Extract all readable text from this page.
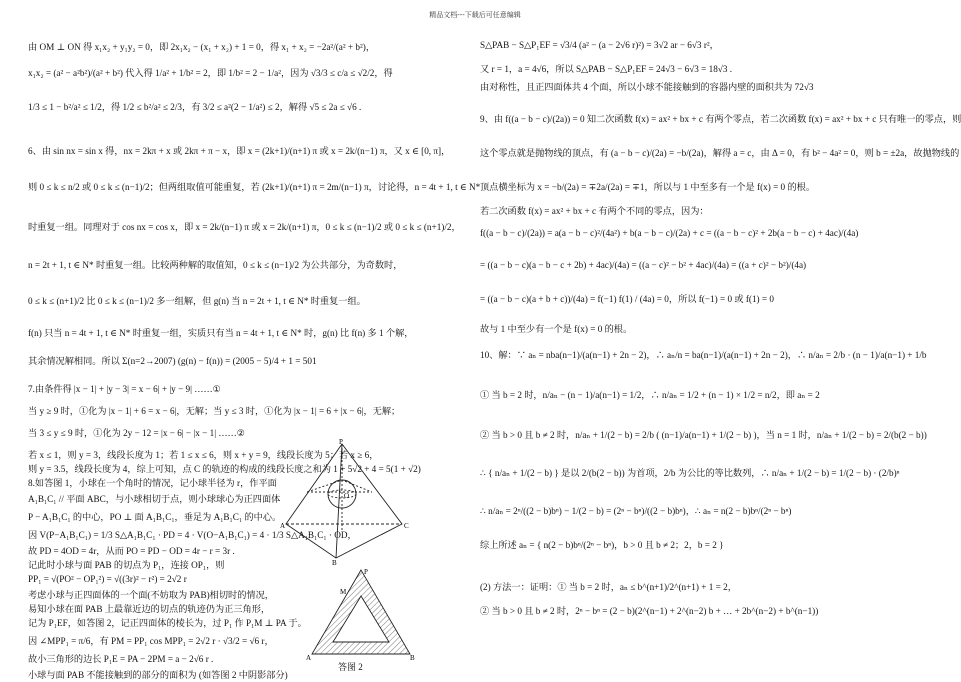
精品文档---下载后可任意编辑
由 OM ⊥ ON 得 x₁x₂ + y₁y₂ = 0，即 2x₁x₂ − (x₁ + x₂) + 1 = 0，得 x₁ + x₂ = −2a²/(a² + b²)，
x₁x₂ = (a² − a²b²)/(a² + b²) 代入得 1/a² + 1/b² = 2，即 1/b² = 2 − 1/a²，因为 √3/3 ≤ c/a ≤ √2/2，得
1/3 ≤ 1 − b²/a² ≤ 1/2，得 1/2 ≤ b²/a² ≤ 2/3，有 3/2 ≤ a²(2 − 1/a²) ≤ 2，解得 √5 ≤ 2a ≤ √6 .
6、由 sin nx = sin x 得，nx = 2kπ + x 或 2kπ + π − x，即 x = (2k+1)/(n+1) π 或 x = 2k/(n−1) π，又 x ∈ [0, π]，
则 0 ≤ k ≤ n/2 或 0 ≤ k ≤ (n−1)/2；但两组取值可能重复，若 (2k+1)/(n+1) π = 2m/(n−1) π，讨论得，n = 4t + 1, t ∈ N*
时重复一组。同理对于 cos nx = cos x，即 x = 2k/(n−1) π 或 x = 2k/(n+1) π，0 ≤ k ≤ (n−1)/2 或 0 ≤ k ≤ (n+1)/2，
n = 2t + 1, t ∈ N* 时重复一组。比较两种解的取值知，0 ≤ k ≤ (n−1)/2 为公共部分，为奇数时，
0 ≤ k ≤ (n+1)/2 比 0 ≤ k ≤ (n−1)/2 多一组解，但 g(n) 当 n = 2t + 1, t ∈ N* 时重复一组。
f(n) 只当 n = 4t + 1, t ∈ N* 时重复一组，实质只有当 n = 4t + 1, t ∈ N* 时，g(n) 比 f(n) 多 1 个解，
其余情况解相同。所以 Σ(n=2→2007) (g(n) − f(n)) = (2005 − 5)/4 + 1 = 501
7.由条件得 |x − 1| + |y − 3| = x − 6| + |y − 9| ……①
当 y ≥ 9 时，①化为 |x − 1| + 6 = x − 6|，无解；当 y ≤ 3 时，①化为 |x − 1| = 6 + |x − 6|，无解；
当 3 ≤ y ≤ 9 时，①化为 2y − 12 = |x − 6| − |x − 1| ……②
若 x ≤ 1，则 y = 3，线段长度为 1；若 1 ≤ x ≤ 6，则 x + y = 9，线段长度为 5；若 x ≥ 6，
则 y = 3.5，线段长度为 4，综上可知，点 C 的轨迹的构成的线段长度之和为 1 + 5√2 + 4 = 5(1 + √2)
8.如答图 1，小球在一个角时的情况，记小球半径为 r，作平面
A₁B₁C₁ // 平面 ABC，与小球相切于点，则小球球心为正四面体
P − A₁B₁C₁ 的中心，PO ⊥ 面 A₁B₁C₁，垂足为 A₁B₁C₁ 的中心。
因 V(P−A₁B₁C₁) = 1/3 S△A₁B₁C₁ · PD = 4 · V(O−A₁B₁C₁) = 4 · 1/3 S△A₁B₁C₁ · OD，
故 PD = 4OD = 4r，从而 PO = PD − OD = 4r − r = 3r .
记此时小球与面 PAB 的切点为 P₁，连接 OP₁，则
PP₁ = √(PO² − OP₁²) = √((3r)² − r²) = 2√2 r
考虑小球与正四面体的一个面(不妨取为 PAB)相切时的情况，
易知小球在面 PAB 上最靠近边的切点的轨迹仍为正三角形，
记为 P₁EF，如答图 2，记正四面体的棱长为，过 P₁ 作 P₁M ⊥ PA 于。
因 ∠MPP₁ = π/6，有 PM = PP₁ cos MPP₁ = 2√2 r · √3/2 = √6 r，
故小三角形的边长 P₁E = PA − 2PM = a − 2√6 r .
小球与面 PAB 不能接触到的部分的面积为 (如答图 2 中阴影部分)
S△PAB − S△P₁EF = √3/4 (a² − (a − 2√6 r)²) = 3√2 ar − 6√3 r²，
又 r = 1，a = 4√6，所以 S△PAB − S△P₁EF = 24√3 − 6√3 = 18√3 .
由对称性，且正四面体共 4 个面，所以小球不能接触到的容器内壁的面积共为 72√3
9、由 f((a − b − c)/(2a)) = 0 知二次函数 f(x) = ax² + bx + c 有两个零点，若二次函数 f(x) = ax² + bx + c 只有唯一的零点，则
这个零点就是抛物线的顶点，有 (a − b − c)/(2a) = −b/(2a)，解得 a = c，由 Δ = 0，有 b² − 4a² = 0，则 b = ±2a，故抛物线的
顶点横坐标为 x = −b/(2a) = ∓2a/(2a) = ∓1，所以与 1 中至多有一个是 f(x) = 0 的根。
若二次函数 f(x) = ax² + bx + c 有两个不同的零点，因为：
f((a − b − c)/(2a)) = a(a − b − c)²/(4a²) + b(a − b − c)/(2a) + c = ((a − b − c)² + 2b(a − b − c) + 4ac)/(4a)
= ((a − b − c)(a − b − c + 2b) + 4ac)/(4a) = ((a − c)² − b² + 4ac)/(4a) = ((a + c)² − b²)/(4a)
= ((a − b − c)(a + b + c))/(4a) = f(−1) f(1) / (4a) = 0，所以 f(−1) = 0 或 f(1) = 0
故与 1 中至少有一个是 f(x) = 0 的根。
10、解：∵ aₙ = nba(n−1)/(a(n−1) + 2n − 2)，∴ aₙ/n = ba(n−1)/(a(n−1) + 2n − 2)，∴ n/aₙ = 2/b · (n − 1)/a(n−1) + 1/b
① 当 b = 2 时，n/aₙ − (n − 1)/a(n−1) = 1/2，∴ n/aₙ = 1/2 + (n − 1) × 1/2 = n/2，即 aₙ = 2
② 当 b > 0 且 b ≠ 2 时，n/aₙ + 1/(2 − b) = 2/b ( (n−1)/a(n−1) + 1/(2 − b) )，当 n = 1 时，n/aₙ + 1/(2 − b) = 2/(b(2 − b))
∴ { n/aₙ + 1/(2 − b) } 是以 2/(b(2 − b)) 为首项，2/b 为公比的等比数列，∴ n/aₙ + 1/(2 − b) = 1/(2 − b) · (2/b)ⁿ
∴ n/aₙ = 2ⁿ/((2 − b)bⁿ) − 1/(2 − b) = (2ⁿ − bⁿ)/((2 − b)bⁿ)，∴ aₙ = n(2 − b)bⁿ/(2ⁿ − bⁿ)
综上所述 aₙ = { n(2 − b)bⁿ/(2ⁿ − bⁿ)，b > 0 且 b ≠ 2；2，b = 2 }
(2) 方法一：证明：① 当 b = 2 时，aₙ ≤ b^(n+1)/2^(n+1) + 1 = 2，
② 当 b > 0 且 b ≠ 2 时，2ⁿ − bⁿ = (2 − b)(2^(n−1) + 2^(n−2) b + … + 2b^(n−2) + b^(n−1))
P
O
A
B
C
P
A	B
M
答图 2
